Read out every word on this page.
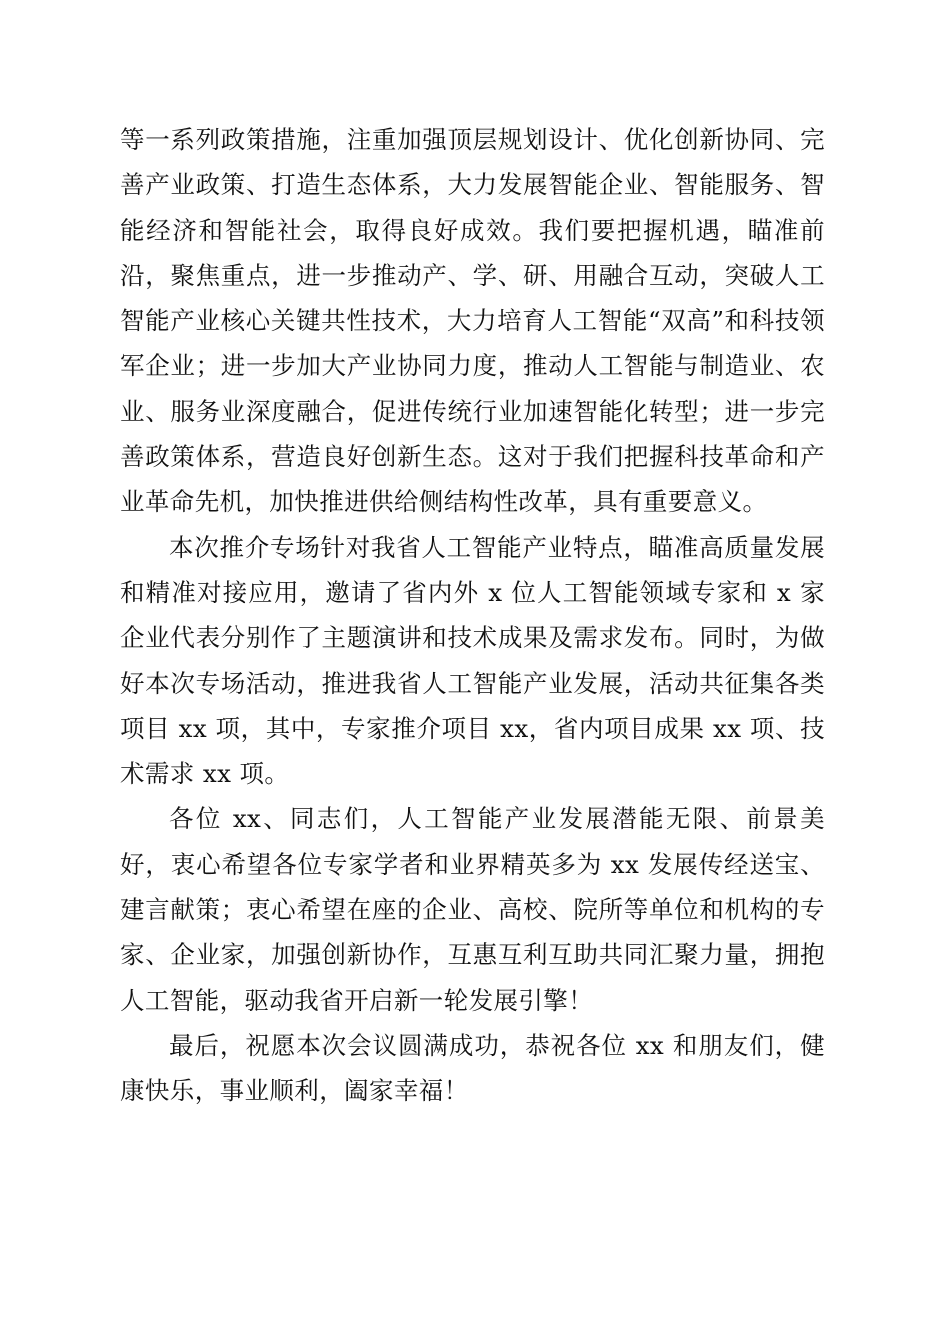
等一系列政策措施，注重加强顶层规划设计、优化创新协同、完善产业政策、打造生态体系，大力发展智能企业、智能服务、智能经济和智能社会，取得良好成效。我们要把握机遇，瞄准前沿，聚焦重点，进一步推动产、学、研、用融合互动，突破人工智能产业核心关键共性技术，大力培育人工智能“双高”和科技领军企业；进一步加大产业协同力度，推动人工智能与制造业、农业、服务业深度融合，促进传统行业加速智能化转型；进一步完善政策体系，营造良好创新生态。这对于我们把握科技革命和产业革命先机，加快推进供给侧结构性改革，具有重要意义。

本次推介专场针对我省人工智能产业特点，瞄准高质量发展和精准对接应用，邀请了省内外 x 位人工智能领域专家和 x 家企业代表分别作了主题演讲和技术成果及需求发布。同时，为做好本次专场活动，推进我省人工智能产业发展，活动共征集各类项目 xx 项，其中，专家推介项目 xx，省内项目成果 xx 项、技术需求 xx 项。

各位 xx、同志们，人工智能产业发展潜能无限、前景美好，衷心希望各位专家学者和业界精英多为 xx 发展传经送宝、建言献策；衷心希望在座的企业、高校、院所等单位和机构的专家、企业家，加强创新协作，互惠互利互助共同汇聚力量，拥抱人工智能，驱动我省开启新一轮发展引擎！

最后，祝愿本次会议圆满成功，恭祝各位 xx 和朋友们，健康快乐，事业顺利，阖家幸福！
